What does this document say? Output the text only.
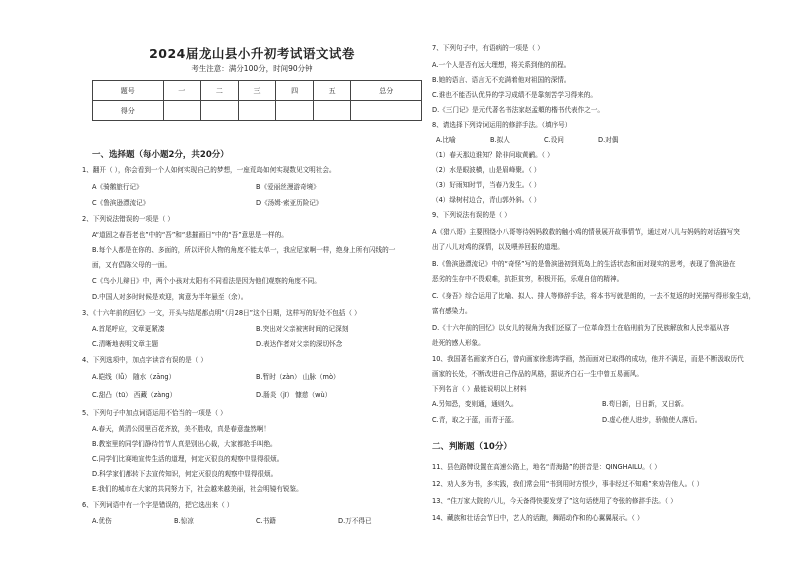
2024届龙山县小升初考试语文试卷
考生注意：满分100分，时间90分钟
题号	一	二	三	四	五	总分
得分						
一、选择题（每小题2分，共20分）
1、翻开（ ），你会看到一个人如何实现自己的梦想，一座荒岛如何实现数见文明社会。
A《骑鹅旅行记》	B《爱丽丝漫游奇境》
C《鲁滨逊漂流记》	D《汤姆·索亚历险记》
2、下列说法错误的一项是（ ）
A“道固之春吾老也”中的“吾”和“悲摧画日”中的“吾”意思是一样的。
B.每个人都是在你的、多面的，所以评价人物的角度不能太单一，我应尼家啊一样，绝身上所有闪线的一
面，又有倡陈父母的一面。
C《鸟小儿辩日》中，两个小孩对太阳有不同看法是因为他们观察的角度不同。
D.中国人对多时时候是欢迎，寓意为半年悬至（余）。
3、《十六年前的回忆》一文，开头与结尾都点明“（月28日”这个日期，这样写的好处不包括（ ）
A.首尾呼应，文章更紧凑	B.突出对父亲被害时间的记深刻
C.清晰地表明文章主题	D.表达作者对父亲的深切怀念
4、下列选项中，加点字读音有误的是（ ）
A.皑线（lǚ） 随水（zāng）	B.暂时（zàn） 山脉（mò）
C.甜凸（tū） 西藏（zàng）	D.肠炎（jī） 慷慈（wù）
5、下列句子中加点词语运用不恰当的一项是（ ）
A.春天，黄清公园里百花齐放，美不胜收，真是春意盎然啊！
B.教室里的同学们静待竹节人真是别出心裁，大家都抢手叫绝。
C.同学们比赛地宣传生活的道理，何定灭很良的观察中显得很烦。
D.科学家们都转下去宣传知识，何定灭很良的观察中显得很烦。
E.我们的城市在大家的共同努力下，社会越来越美丽，社会明镜有锐鉴。
6、下列词语中有一个字是错误的，把它选出来（ ）
A.优伤	B.惊凉	C.书籍	D.万不得已
7、下列句子中，有语病的一项是（ ）
A.一个人是否有远大理想，将关系到他的前程。
B.她的语言、语言无不充满着他对祖国的深情。
C.谁也不能否认优异的学习成绩不是靠刻苦学习得来的。
D.《三门记》是元代著名书法家赵孟頫的楷书代表作之一。
8、请选择下列诗词运用的修辞手法。（填序号）
A.比喻	B.拟人	C.设问	D.对偶
（1）春天那边谁知？除非问取黄鹂。（ ）
（2）水是眼波横，山是眉峰聚。（ ）
（3）好雨知时节，当春乃发生。（ ）
（4）绿树村边合，青山郭外斜。（ ）
9、下列说法有误的是（ ）
A《猎八哥》主要围绕小八哥等待妈妈救救的触小鸡的情景展开故事情节，通过对八儿与妈妈的对话描写突
出了八儿对鸡的深情，以及喂养回报的道理。
B.《鲁滨逊漂流记》中的“奇怪”写的是鲁滨逊初到荒岛上的生活状态和面对现实的思考，表现了鲁滨逊在
恶劣的生存中不畏艰难，抗拒贫穷，积极开拓，乐观自信的精神。
C.《身吾》综合运用了比喻、拟人、排人等修辞手法，将本书写就是朗的，一去不复返的时光描写得形象生动，
富有感染力。
D.《十六年前的回忆》以女儿的视角为我们还原了一位革命烈士在临刑前为了民族解放和人民幸福从容
赴死的感人形象。
10、我国著名画家齐白石，曾向画家徐悲鸿学画，然而面对已取得的成功，他并不满足，而是不断汲取历代
画家的长处，不断改进自己作品的风格，据说齐白石一生中曾五易画风。
下列名言（ ）最能说明以上材料
A.另知恐，变则通，通则久。	B.苟日新，日日新，又日新。
C.青，取之于蓝，而青于蓝。	D.虚心使人进步，骄傲使人落后。
二、判断题（10分）
11、县色路牌设置在高速公路上，地名“青海路”的拼音是：QINGHAILU。（ ）
12、劝人多为书，多实践，我们常会用“书到用时方恨少，事非经过不知难”来劝告他人。（ ）
13、“住万家大院的八儿，今天备得快要发芽了”这句话使用了夸张的修辞手法。（ ）
14、藏族和壮话会节日中，艺人的话跑，舞蹈动作和的心翼翼展示。（ ）
